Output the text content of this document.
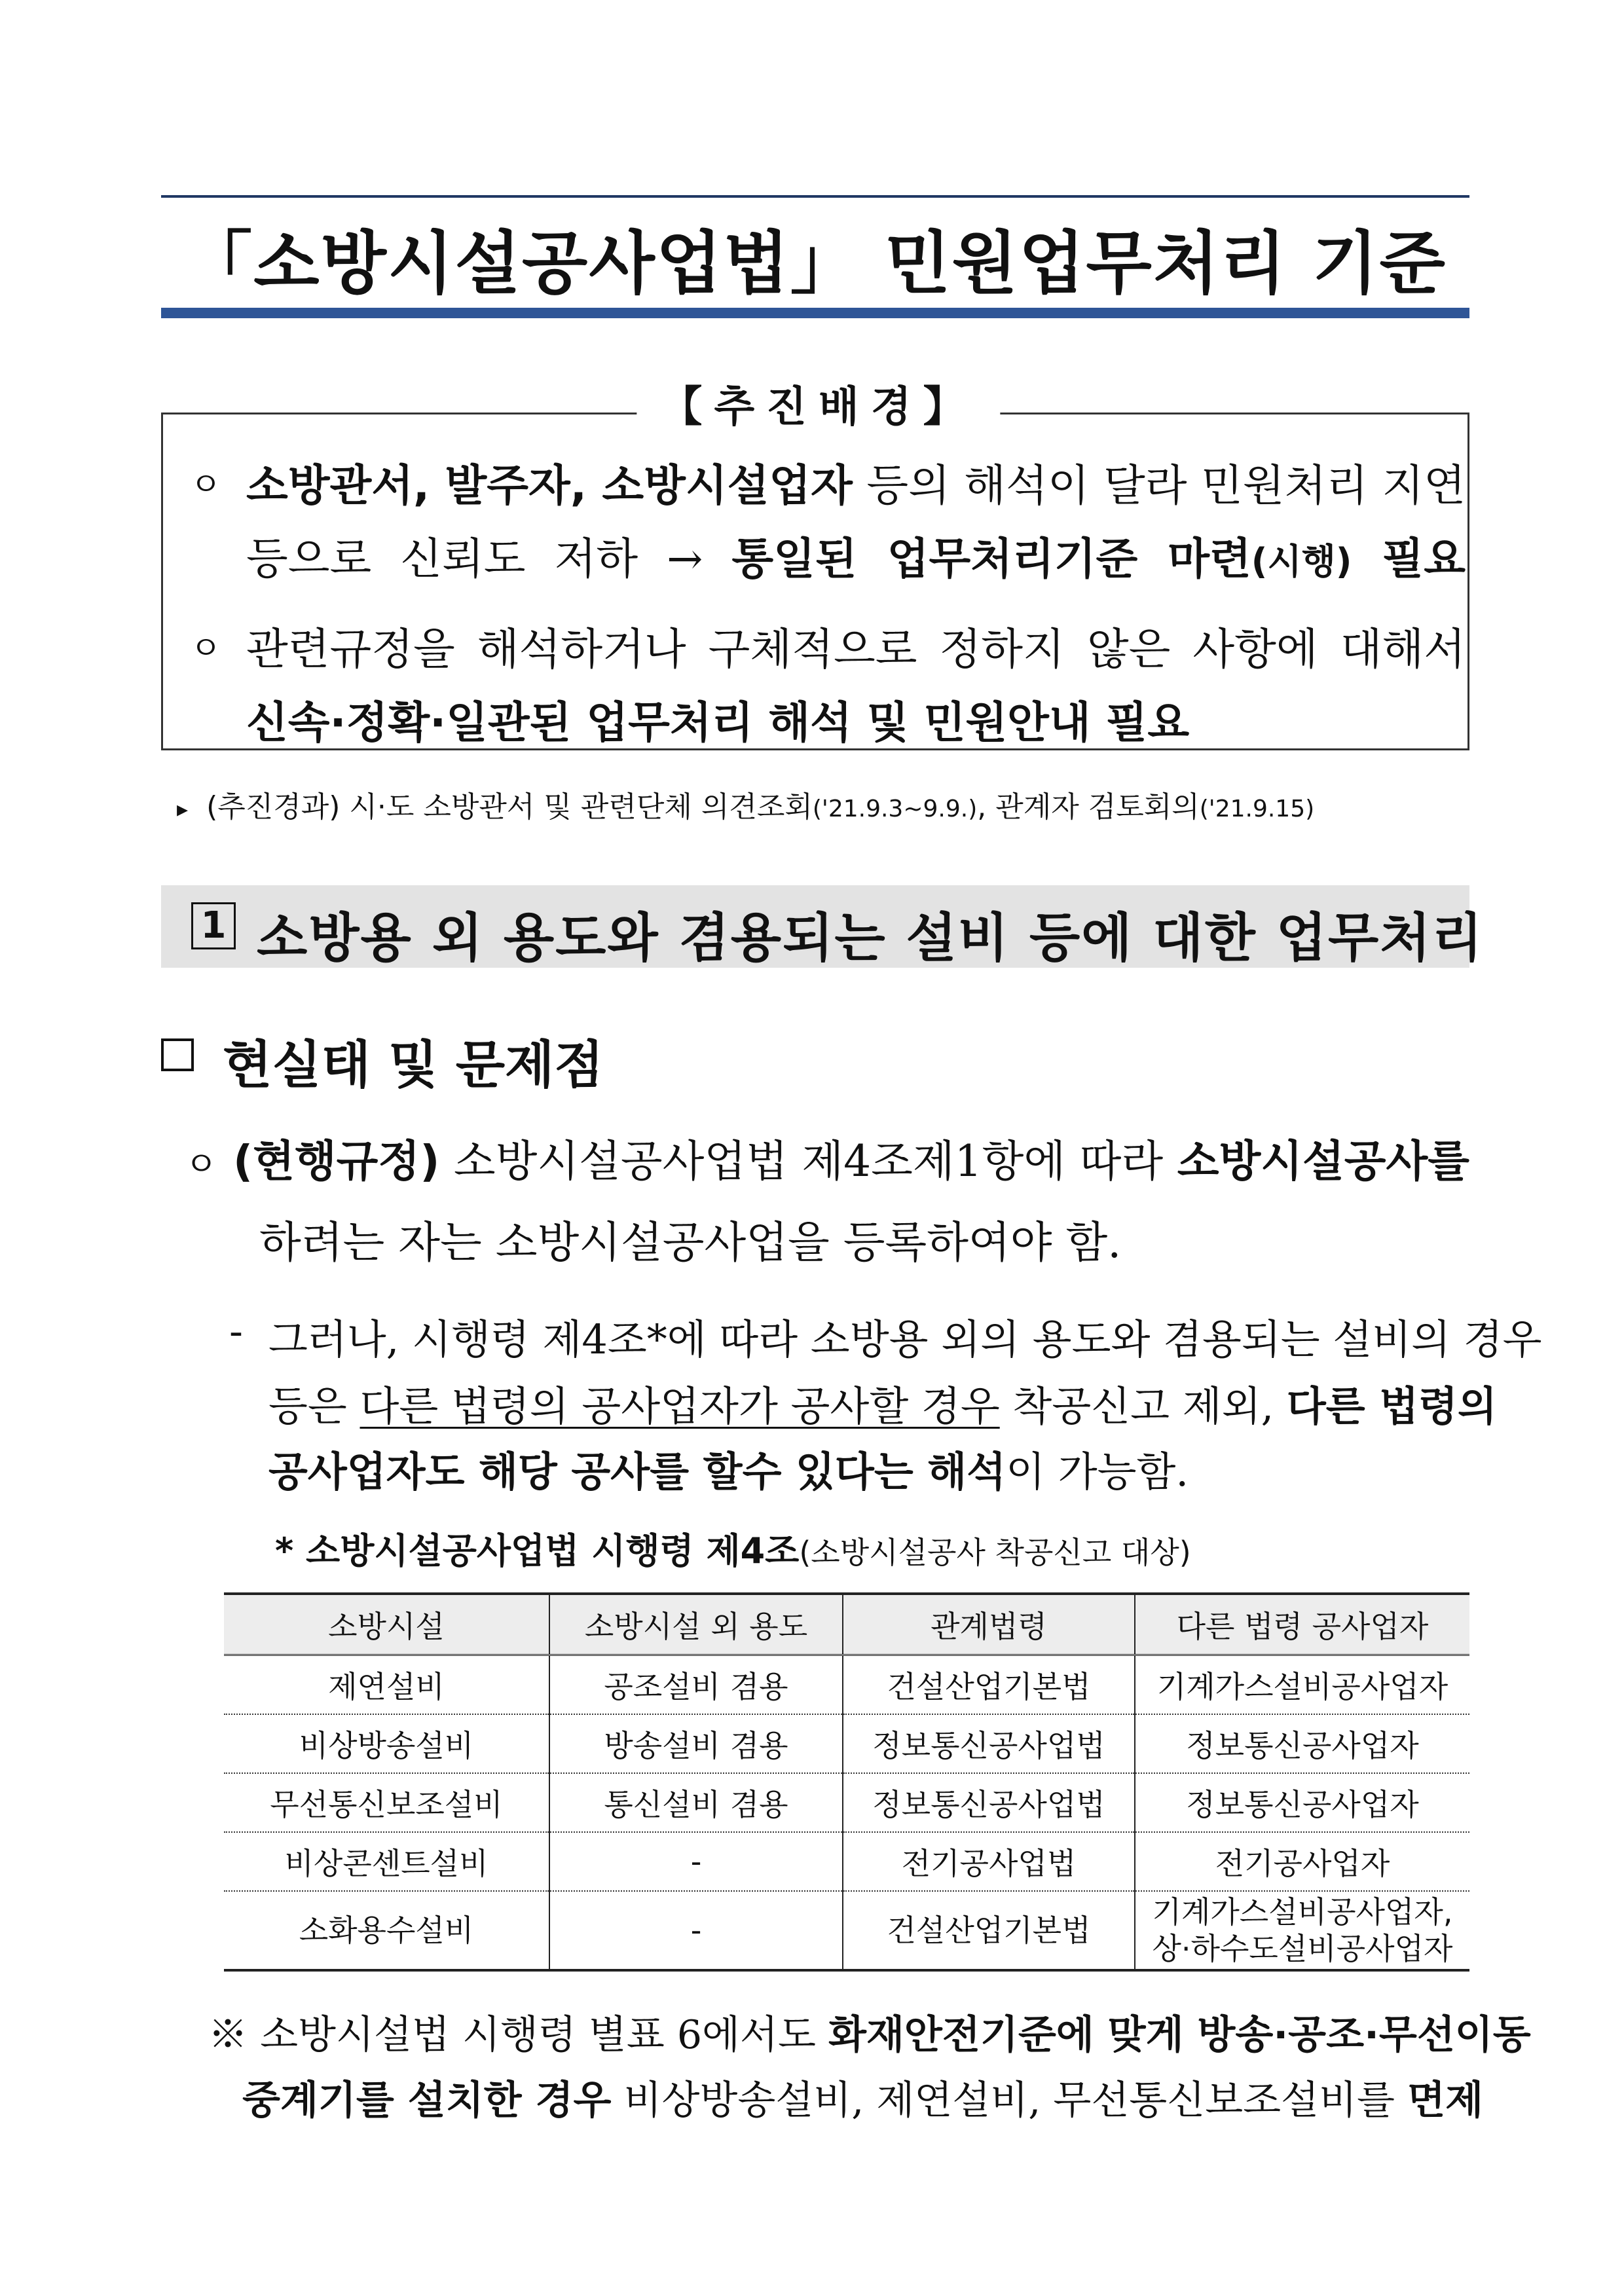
「소방시설공사업법」 민원업무처리 기준
【추진배경】
ㅇ 소방관서, 발주자, 소방시설업자 등의 해석이 달라 민원처리 지연
등으로 신뢰도 저하 → 통일된 업무처리기준 마련(시행) 필요
ㅇ 관련규정을 해석하거나 구체적으로 정하지 않은 사항에 대해서
신속·정확·일관된 업무처리 해석 및 민원안내 필요
▸ (추진경과) 시·도 소방관서 및 관련단체 의견조회('21.9.3~9.9.), 관계자 검토회의('21.9.15)
1 소방용 외 용도와 겸용되는 설비 등에 대한 업무처리
현실태 및 문제점
ㅇ (현행규정) 소방시설공사업법 제4조제1항에 따라 소방시설공사를
하려는 자는 소방시설공사업을 등록하여야 함.
- 그러나, 시행령 제4조*에 따라 소방용 외의 용도와 겸용되는 설비의 경우
등은 다른 법령의 공사업자가 공사할 경우 착공신고 제외, 다른 법령의
공사업자도 해당 공사를 할수 있다는 해석이 가능함.
* 소방시설공사업법 시행령 제4조(소방시설공사 착공신고 대상)
소방시설	소방시설 외 용도	관계법령	다른 법령 공사업자
제연설비	공조설비 겸용	건설산업기본법	기계가스설비공사업자
비상방송설비	방송설비 겸용	정보통신공사업법	정보통신공사업자
무선통신보조설비	통신설비 겸용	정보통신공사업법	정보통신공사업자
비상콘센트설비	-	전기공사업법	전기공사업자
소화용수설비	-	건설산업기본법	기계가스설비공사업자,
상·하수도설비공사업자
※ 소방시설법 시행령 별표 6에서도 화재안전기준에 맞게 방송·공조·무선이동
중계기를 설치한 경우 비상방송설비, 제연설비, 무선통신보조설비를 면제
